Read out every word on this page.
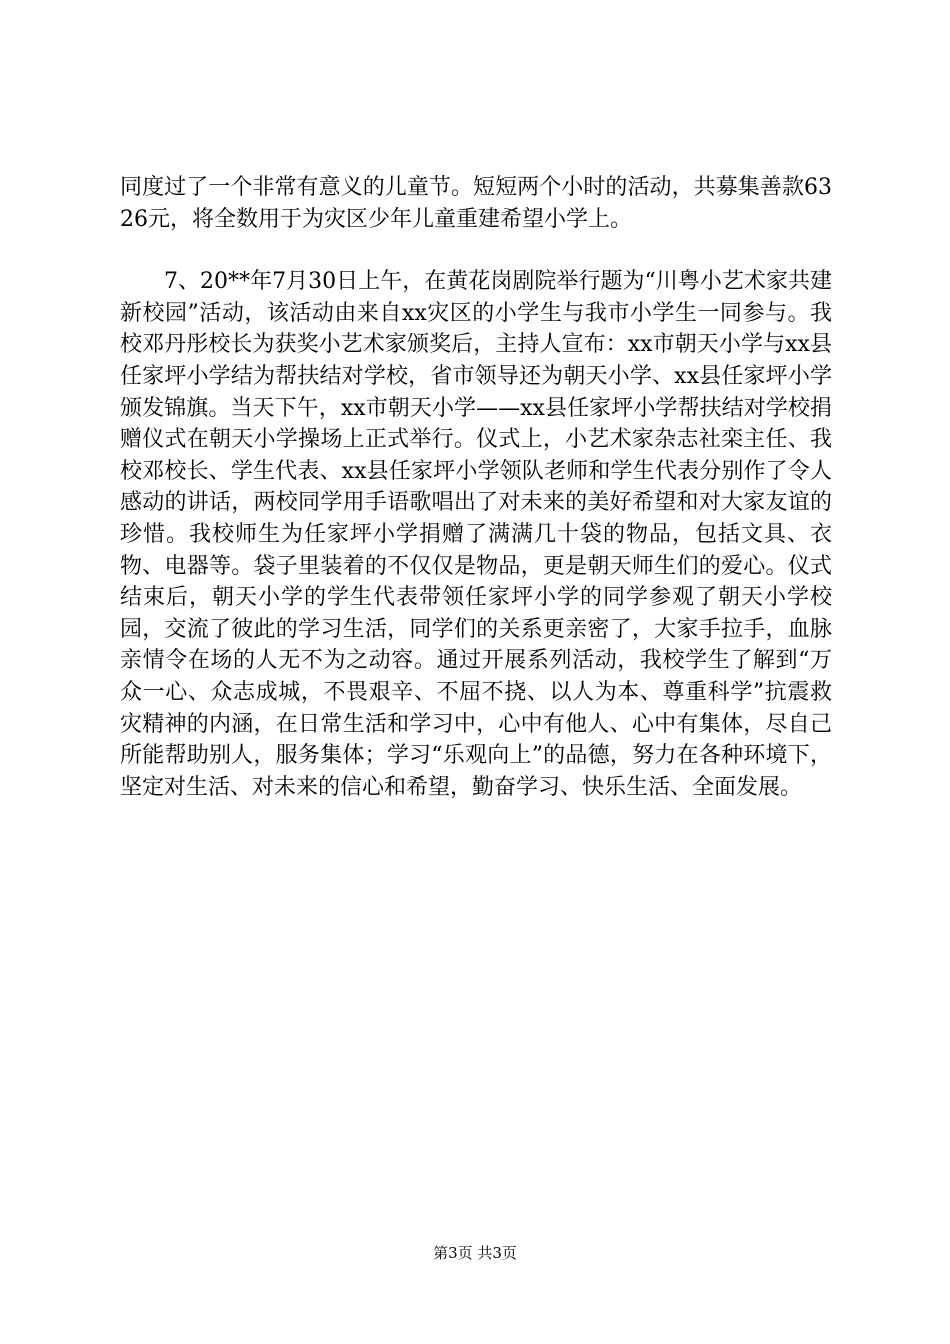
同度过了一个非常有意义的儿童节。短短两个小时的活动，共募集善款6326元，将全数用于为灾区少年儿童重建希望小学上。

7、20**年7月30日上午，在黄花岗剧院举行题为“川粤小艺术家共建新校园”活动，该活动由来自xx灾区的小学生与我市小学生一同参与。我校邓丹彤校长为获奖小艺术家颁奖后，主持人宣布：xx市朝天小学与xx县任家坪小学结为帮扶结对学校，省市领导还为朝天小学、xx县任家坪小学颁发锦旗。当天下午，xx市朝天小学——xx县任家坪小学帮扶结对学校捐赠仪式在朝天小学操场上正式举行。仪式上，小艺术家杂志社栾主任、我校邓校长、学生代表、xx县任家坪小学领队老师和学生代表分别作了令人感动的讲话，两校同学用手语歌唱出了对未来的美好希望和对大家友谊的珍惜。我校师生为任家坪小学捐赠了满满几十袋的物品，包括文具、衣物、电器等。袋子里装着的不仅仅是物品，更是朝天师生们的爱心。仪式结束后，朝天小学的学生代表带领任家坪小学的同学参观了朝天小学校园，交流了彼此的学习生活，同学们的关系更亲密了，大家手拉手，血脉亲情令在场的人无不为之动容。通过开展系列活动，我校学生了解到“万众一心、众志成城，不畏艰辛、不屈不挠、以人为本、尊重科学”抗震救灾精神的内涵，在日常生活和学习中，心中有他人、心中有集体，尽自己所能帮助别人，服务集体；学习“乐观向上”的品德，努力在各种环境下，坚定对生活、对未来的信心和希望，勤奋学习、快乐生活、全面发展。

第3页 共3页
